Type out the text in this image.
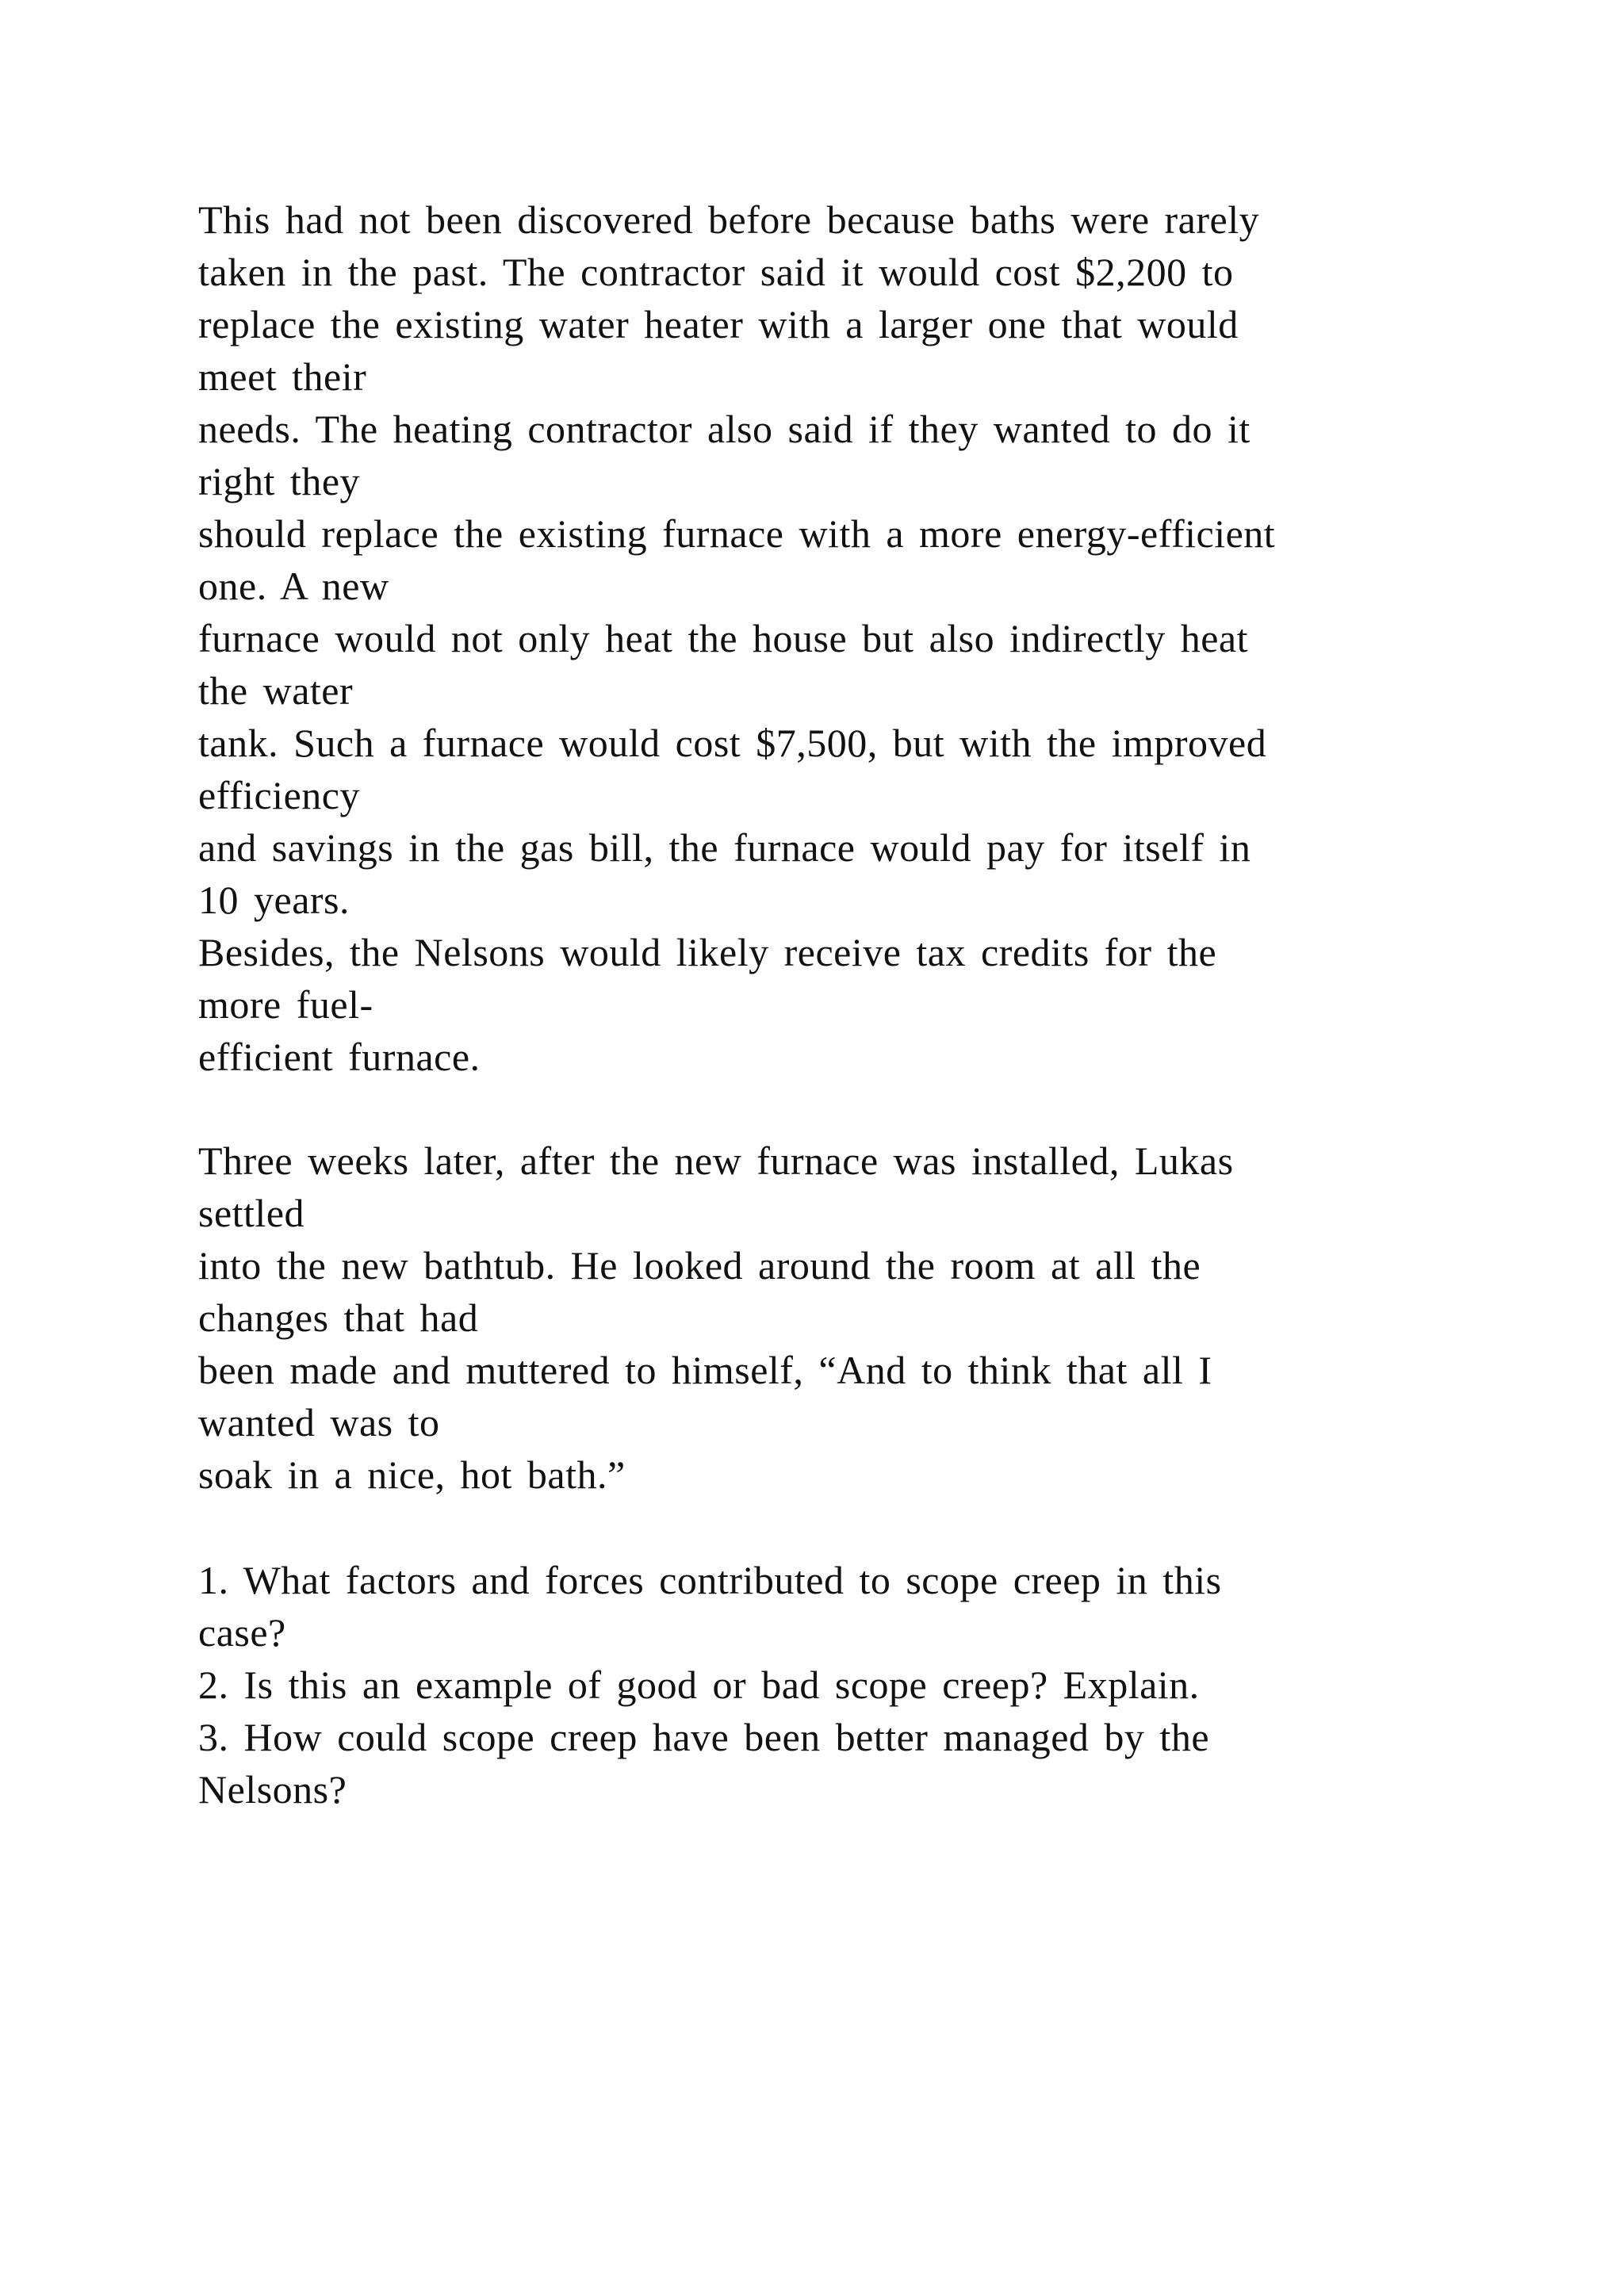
This had not been discovered before because baths were rarely
taken in the past. The contractor said it would cost $2,200 to
replace the existing water heater with a larger one that would
meet their
needs. The heating contractor also said if they wanted to do it
right they
should replace the existing furnace with a more energy-efficient
one. A new
furnace would not only heat the house but also indirectly heat
the water
tank. Such a furnace would cost $7,500, but with the improved
efficiency
and savings in the gas bill, the furnace would pay for itself in
10 years.
Besides, the Nelsons would likely receive tax credits for the
more fuel-
efficient furnace.
Three weeks later, after the new furnace was installed, Lukas
settled
into the new bathtub. He looked around the room at all the
changes that had
been made and muttered to himself, “And to think that all I
wanted was to
soak in a nice, hot bath.”
1. What factors and forces contributed to scope creep in this
case?
2. Is this an example of good or bad scope creep? Explain.
3. How could scope creep have been better managed by the
Nelsons?
